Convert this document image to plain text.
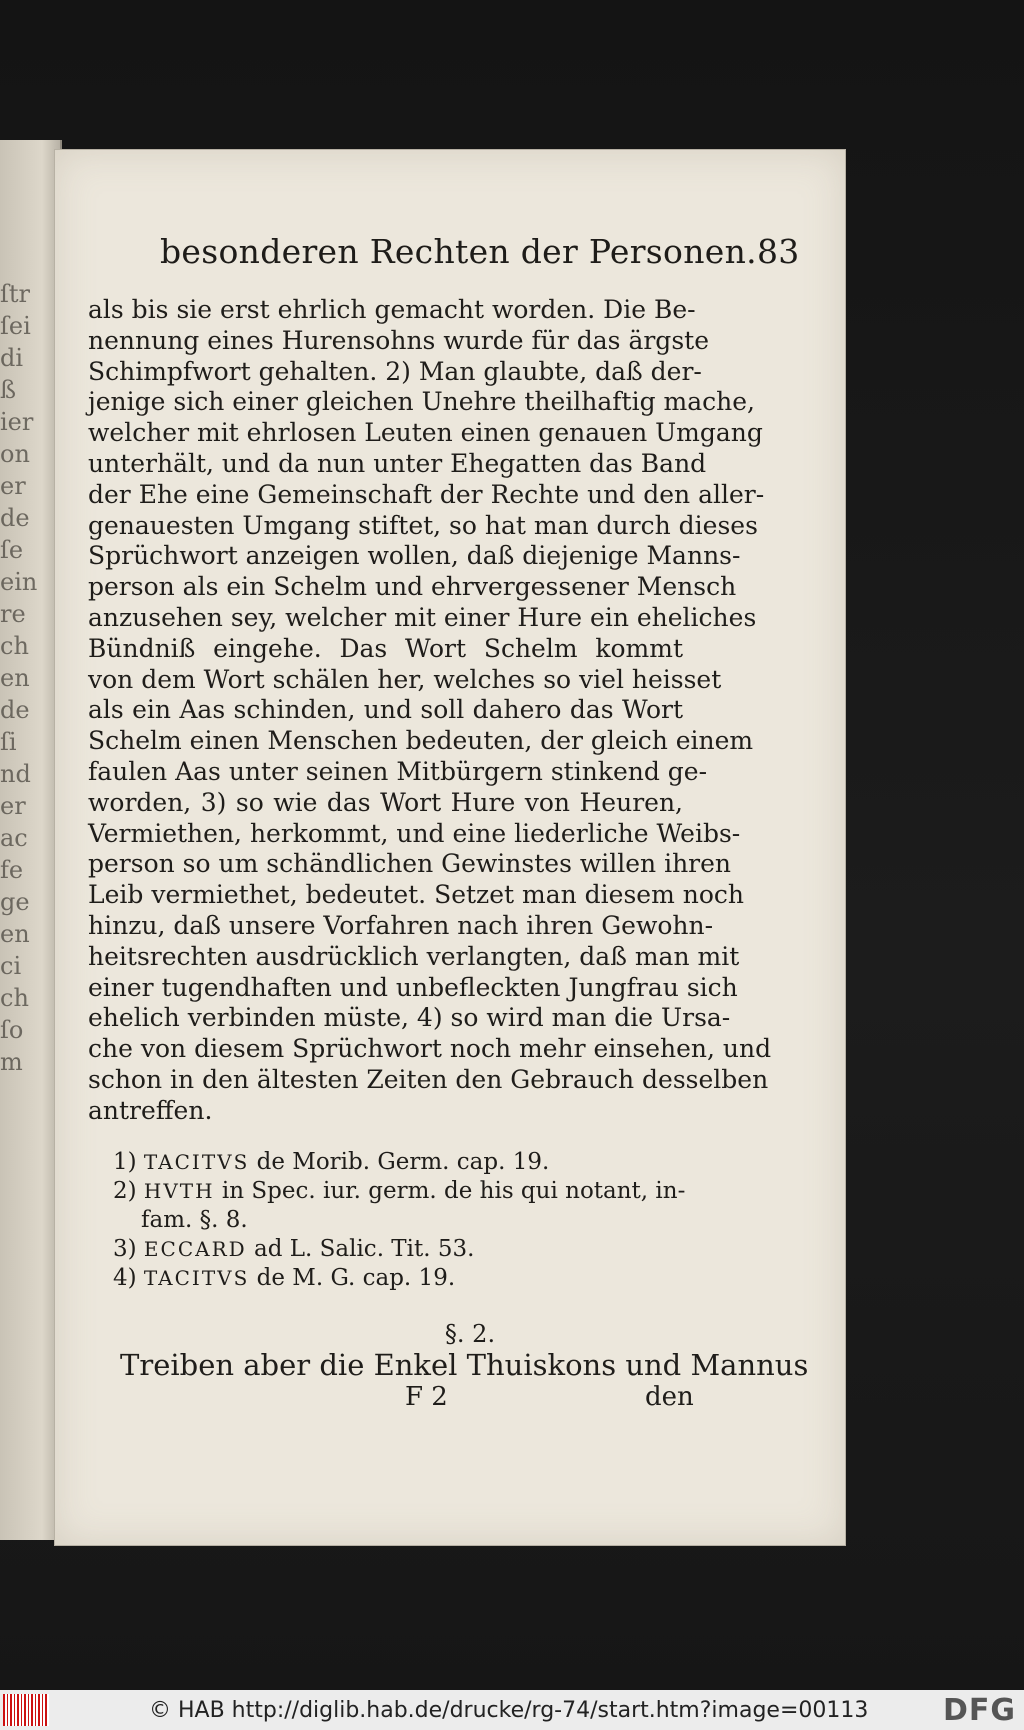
ſtr
ſei
di
ß
ier
on
er
de
ſe
ein
re
ch
en
de
ſi
nd
er
ac
fe
ge
en
ci
ch
ſo
m
besonderen Rechten der Personen. 83
als bis sie erst ehrlich gemacht worden. Die Be-
nennung eines Hurensohns wurde für das ärgste
Schimpfwort gehalten. 2) Man glaubte, daß der-
jenige sich einer gleichen Unehre theilhaftig mache,
welcher mit ehrlosen Leuten einen genauen Umgang
unterhält, und da nun unter Ehegatten das Band
der Ehe eine Gemeinschaft der Rechte und den aller-
genauesten Umgang stiftet, so hat man durch dieses
Sprüchwort anzeigen wollen, daß diejenige Manns-
person als ein Schelm und ehrvergessener Mensch
anzusehen sey, welcher mit einer Hure ein eheliches
Bündniß eingehe. Das Wort Schelm kommt
von dem Wort schälen her, welches so viel heisset
als ein Aas schinden, und soll dahero das Wort
Schelm einen Menschen bedeuten, der gleich einem
faulen Aas unter seinen Mitbürgern stinkend ge-
worden, 3) so wie das Wort Hure von Heuren,
Vermiethen, herkommt, und eine liederliche Weibs-
person so um schändlichen Gewinstes willen ihren
Leib vermiethet, bedeutet. Setzet man diesem noch
hinzu, daß unsere Vorfahren nach ihren Gewohn-
heitsrechten ausdrücklich verlangten, daß man mit
einer tugendhaften und unbefleckten Jungfrau sich
ehelich verbinden müste, 4) so wird man die Ursa-
che von diesem Sprüchwort noch mehr einsehen, und
schon in den ältesten Zeiten den Gebrauch desselben
antreffen.
1) TACITVS de Morib. Germ. cap. 19.
2) HVTH in Spec. iur. germ. de his qui notant, in-
fam. §. 8.
3) ECCARD ad L. Salic. Tit. 53.
4) TACITVS de M. G. cap. 19.
§. 2.
Treiben aber die Enkel Thuiskons und Mannus
F 2	den
© HAB http://diglib.hab.de/drucke/rg-74/start.htm?image=00113 DFG
